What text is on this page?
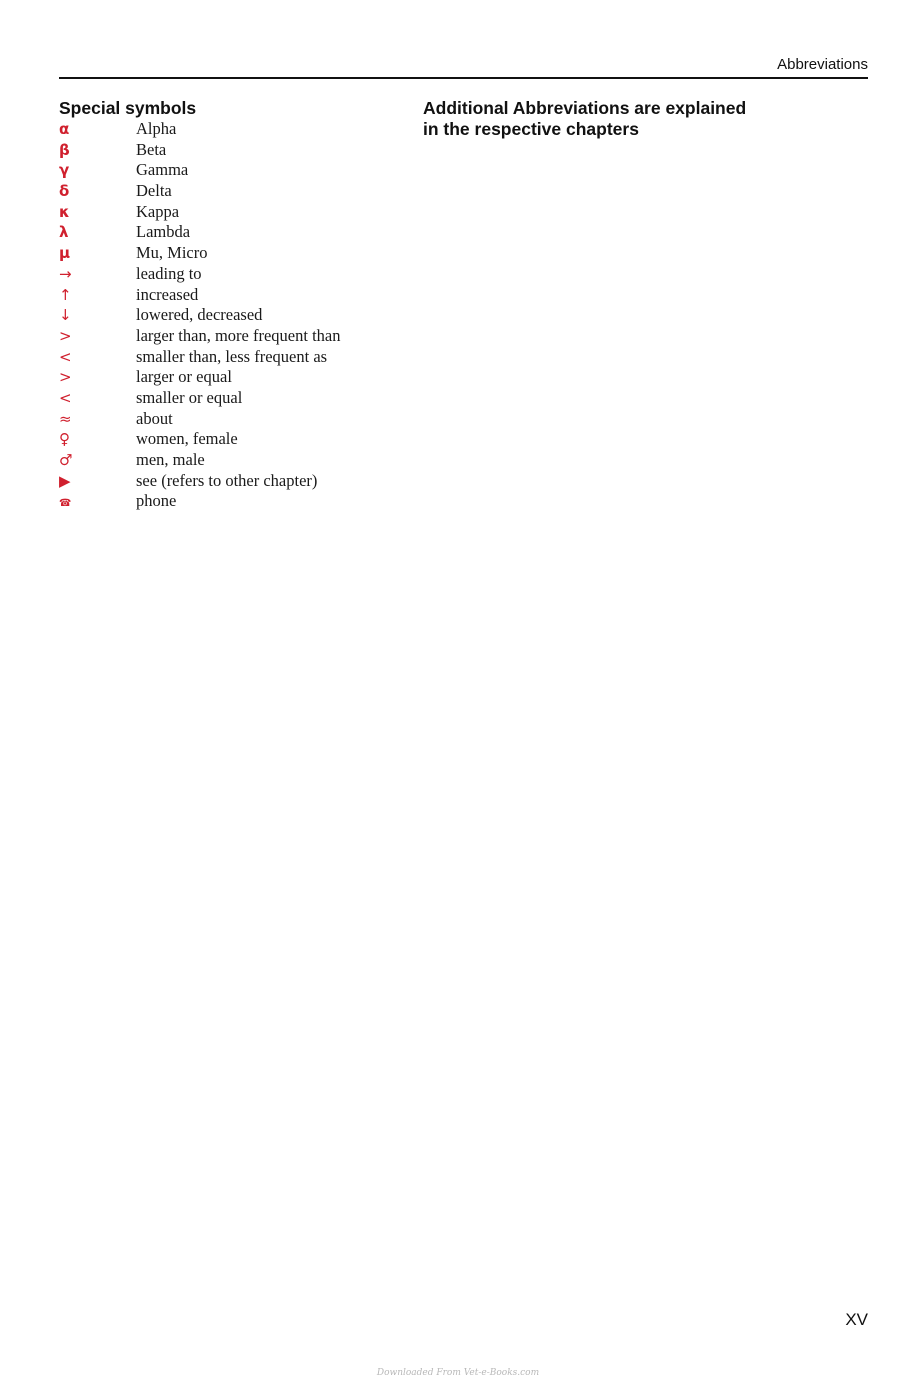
Abbreviations
Special symbols
α	Alpha
β	Beta
γ	Gamma
δ	Delta
κ	Kappa
λ	Lambda
μ	Mu, Micro
→	leading to
↑	increased
↓	lowered, decreased
>	larger than, more frequent than
<	smaller than, less frequent as
>	larger or equal
<	smaller or equal
≈	about
♀	women, female
♂	men, male
▶	see (refers to other chapter)
☎	phone
Additional Abbreviations are explained
in the respective chapters
XV
Downloaded From Vet-e-Books.com
